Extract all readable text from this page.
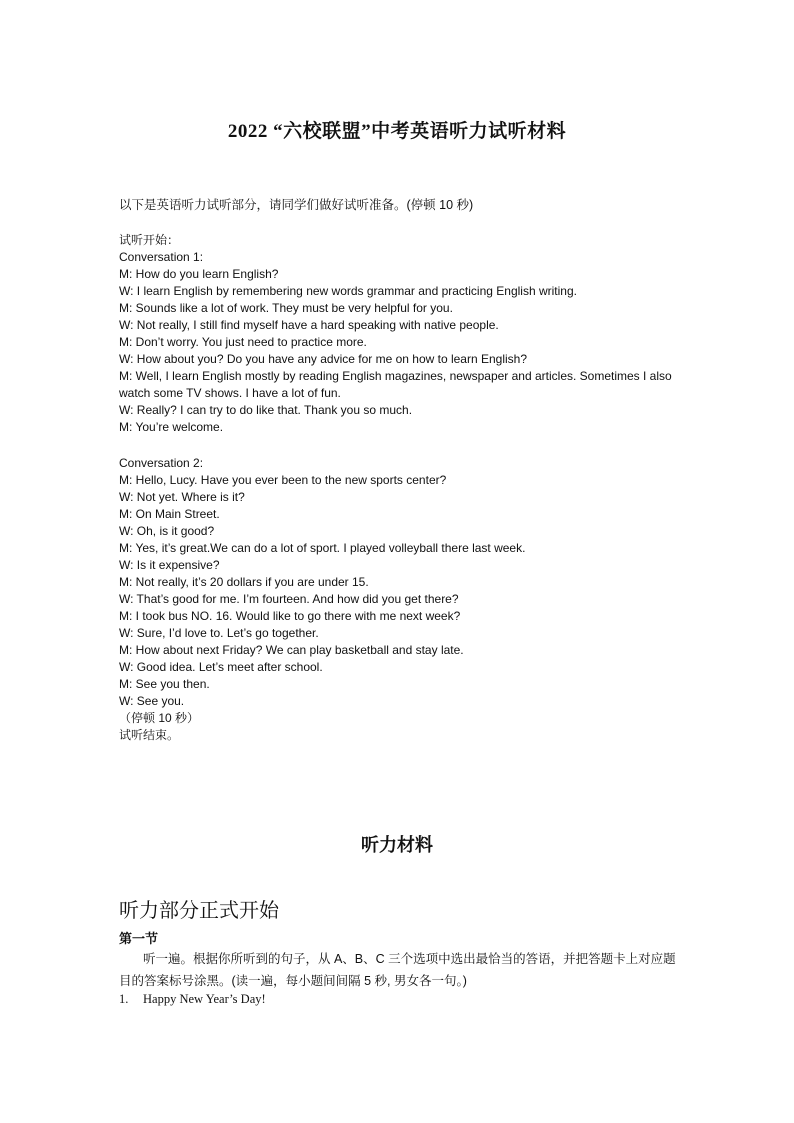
2022 “六校联盟”中考英语听力试听材料
以下是英语听力试听部分，请同学们做好试听准备。(停顿 10 秒)
试听开始：
Conversation 1:
M: How do you learn English?
W: I learn English by remembering new words grammar and practicing English writing.
M: Sounds like a lot of work. They must be very helpful for you.
W: Not really, I still find myself have a hard speaking with native people.
M: Don’t worry. You just need to practice more.
W: How about you? Do you have any advice for me on how to learn English?
M: Well, I learn English mostly by reading English magazines, newspaper and articles. Sometimes I also watch some TV shows. I have a lot of fun.
W: Really? I can try to do like that. Thank you so much.
M: You’re welcome.
Conversation 2:
M: Hello, Lucy. Have you ever been to the new sports center?
W: Not yet. Where is it?
M: On Main Street.
W: Oh, is it good?
M: Yes, it’s great.We can do a lot of sport. I played volleyball there last week.
W: Is it expensive?
M: Not really, it’s 20 dollars if you are under 15.
W: That’s good for me. I’m fourteen. And how did you get there?
M: I took bus NO. 16. Would like to go there with me next week?
W: Sure, I’d love to. Let’s go together.
M: How about next Friday? We can play basketball and stay late.
W: Good idea. Let’s meet after school.
M: See you then.
W: See you.
（停顿 10 秒）
试听结束。
听力材料
听力部分正式开始
第一节
听一遍。根据你所听到的句子，从 A、B、C 三个选项中选出最恰当的答语，并把答题卡上对应题目的答案标号涂黑。(读一遍，每小题间间隔 5 秒, 男女各一句。)
1. Happy New Year’s Day!
